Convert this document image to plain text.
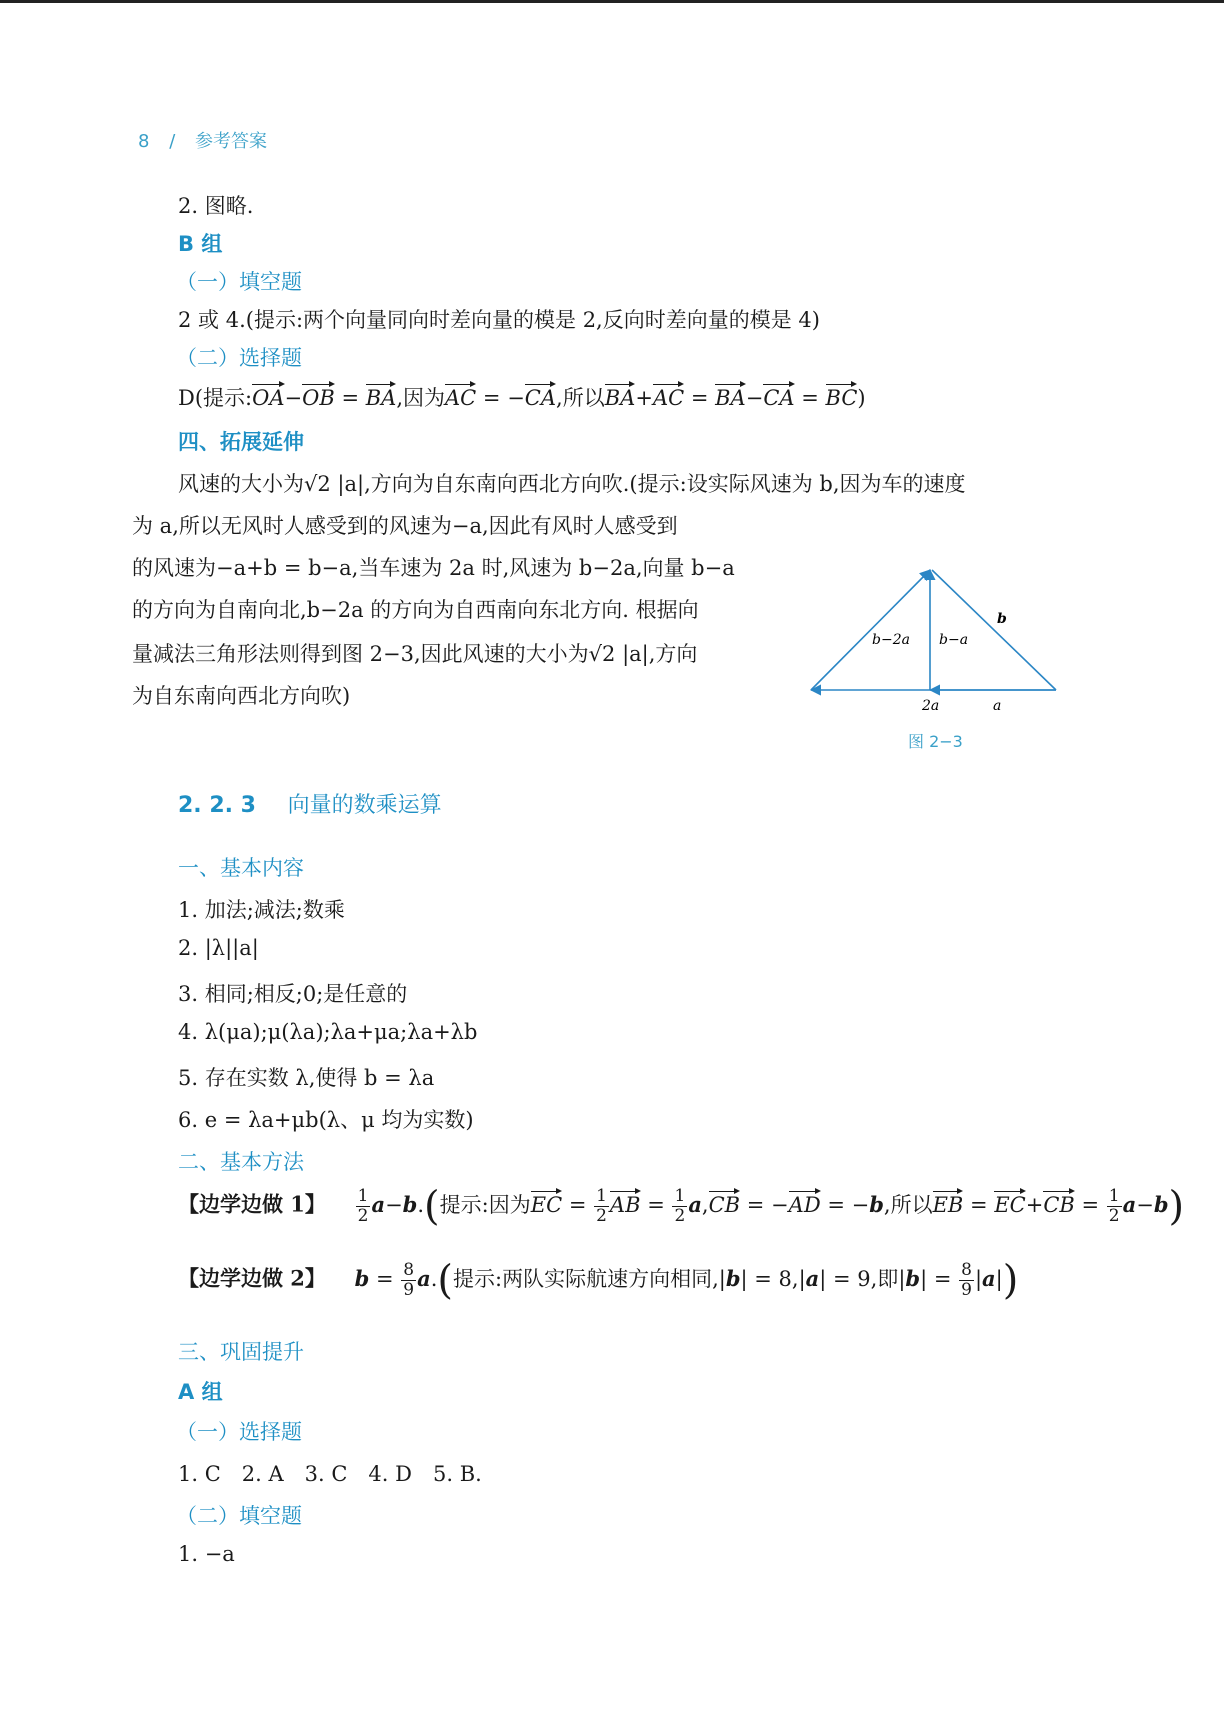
8 / 参考答案
2. 图略.
B 组
（一）填空题
2 或 4.(提示:两个向量同向时差向量的模是 2,反向时差向量的模是 4)
（二）选择题
D(提示:OA−OB = BA,因为AC = −CA,所以BA+AC = BA−CA = BC)
四、拓展延伸
风速的大小为√2 |a|,方向为自东南向西北方向吹.(提示:设实际风速为 b,因为车的速度
为 a,所以无风时人感受到的风速为−a,因此有风时人感受到
的风速为−a+b = b−a,当车速为 2a 时,风速为 b−2a,向量 b−a
的方向为自南向北,b−2a 的方向为自西南向东北方向. 根据向
量减法三角形法则得到图 2−3,因此风速的大小为√2 |a|,方向
为自东南向西北方向吹)
b−2a b−a
b
2a	a
图 2−3
2. 2. 3 向量的数乘运算
一、基本内容
1. 加法;减法;数乘
2. |λ||a|
3. 相同;相反;0;是任意的
4. λ(μa);μ(λa);λa+μa;λa+λb
5. 存在实数 λ,使得 b = λa
6. e = λa+μb(λ、μ 均为实数)
二、基本方法
【边学边做 1】 $\frac{1}{2} a-b$.(提示:因为EC = $\frac{1}{2}$ AB = $\frac{1}{2} a,CB = -AD = -b$,所以EB = $EC+CB = \frac{1}{2} a-b$)
【边学边做 2】 $b = \frac{8}{9} a$.(提示:两队实际航速方向相同,|b| = 8,|a| = 9,即$|b| = \frac{8}{9} |a|$)
三、巩固提升
A 组
（一）选择题
1. C　2. A　3. C　4. D　5. B.
（二）填空题
1. −a
